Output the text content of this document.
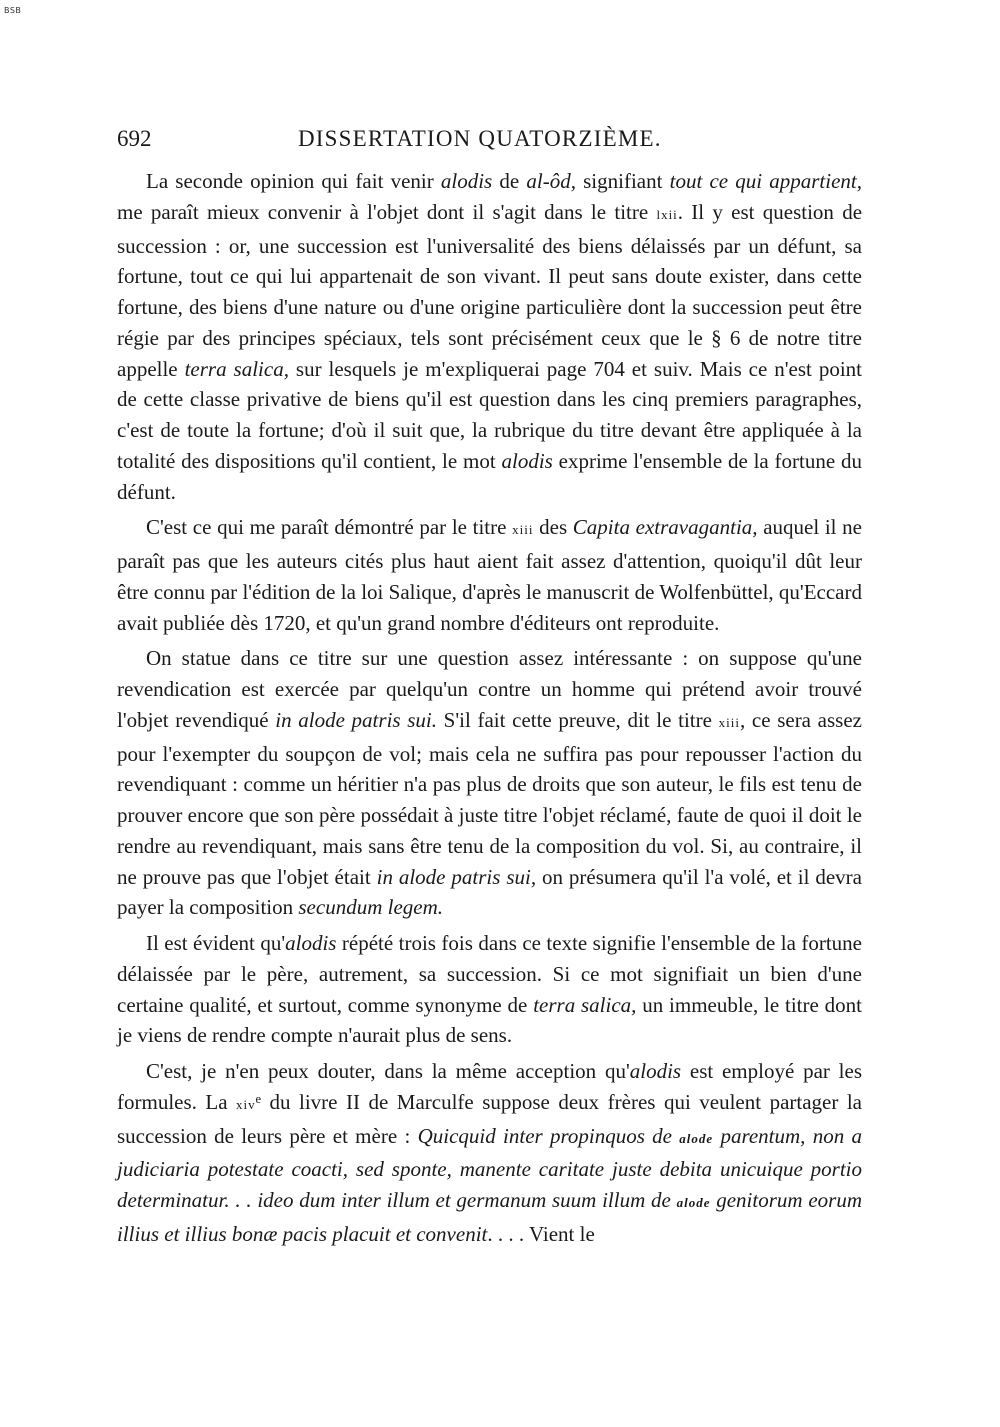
BSB
692	DISSERTATION QUATORZIÈME.

La seconde opinion qui fait venir alodis de al-ôd, signifiant tout ce qui appartient, me paraît mieux convenir à l'objet dont il s'agit dans le titre lxii. Il y est question de succession : or, une succession est l'universalité des biens délaissés par un défunt, sa fortune, tout ce qui lui appartenait de son vivant. Il peut sans doute exister, dans cette fortune, des biens d'une nature ou d'une origine particulière dont la succession peut être régie par des principes spéciaux, tels sont précisément ceux que le § 6 de notre titre appelle terra salica, sur lesquels je m'expliquerai page 704 et suiv. Mais ce n'est point de cette classe privative de biens qu'il est question dans les cinq premiers paragraphes, c'est de toute la fortune; d'où il suit que, la rubrique du titre devant être appliquée à la totalité des dispositions qu'il contient, le mot alodis exprime l'ensemble de la fortune du défunt.

C'est ce qui me paraît démontré par le titre xiii des Capita extravagantia, auquel il ne paraît pas que les auteurs cités plus haut aient fait assez d'attention, quoiqu'il dût leur être connu par l'édition de la loi Salique, d'après le manuscrit de Wolfenbüttel, qu'Eccard avait publiée dès 1720, et qu'un grand nombre d'éditeurs ont reproduite.

On statue dans ce titre sur une question assez intéressante : on suppose qu'une revendication est exercée par quelqu'un contre un homme qui prétend avoir trouvé l'objet revendiqué in alode patris sui. S'il fait cette preuve, dit le titre xiii, ce sera assez pour l'exempter du soupçon de vol; mais cela ne suffira pas pour repousser l'action du revendiquant : comme un héritier n'a pas plus de droits que son auteur, le fils est tenu de prouver encore que son père possédait à juste titre l'objet réclamé, faute de quoi il doit le rendre au revendiquant, mais sans être tenu de la composition du vol. Si, au contraire, il ne prouve pas que l'objet était in alode patris sui, on présumera qu'il l'a volé, et il devra payer la composition secundum legem.

Il est évident qu'alodis répété trois fois dans ce texte signifie l'ensemble de la fortune délaissée par le père, autrement, sa succession. Si ce mot signifiait un bien d'une certaine qualité, et surtout, comme synonyme de terra salica, un immeuble, le titre dont je viens de rendre compte n'aurait plus de sens.

C'est, je n'en peux douter, dans la même acception qu'alodis est employé par les formules. La xivᵉ du livre II de Marculfe suppose deux frères qui veulent partager la succession de leurs père et mère : Quicquid inter propinquos de alode parentum, non a judiciaria potestate coacti, sed sponte, manente caritate juste debita unicuique portio determinatur. . . ideo dum inter illum et germanum suum illum de alode genitorum eorum illius et illius bonæ pacis placuit et convenit. . . . Vient le
